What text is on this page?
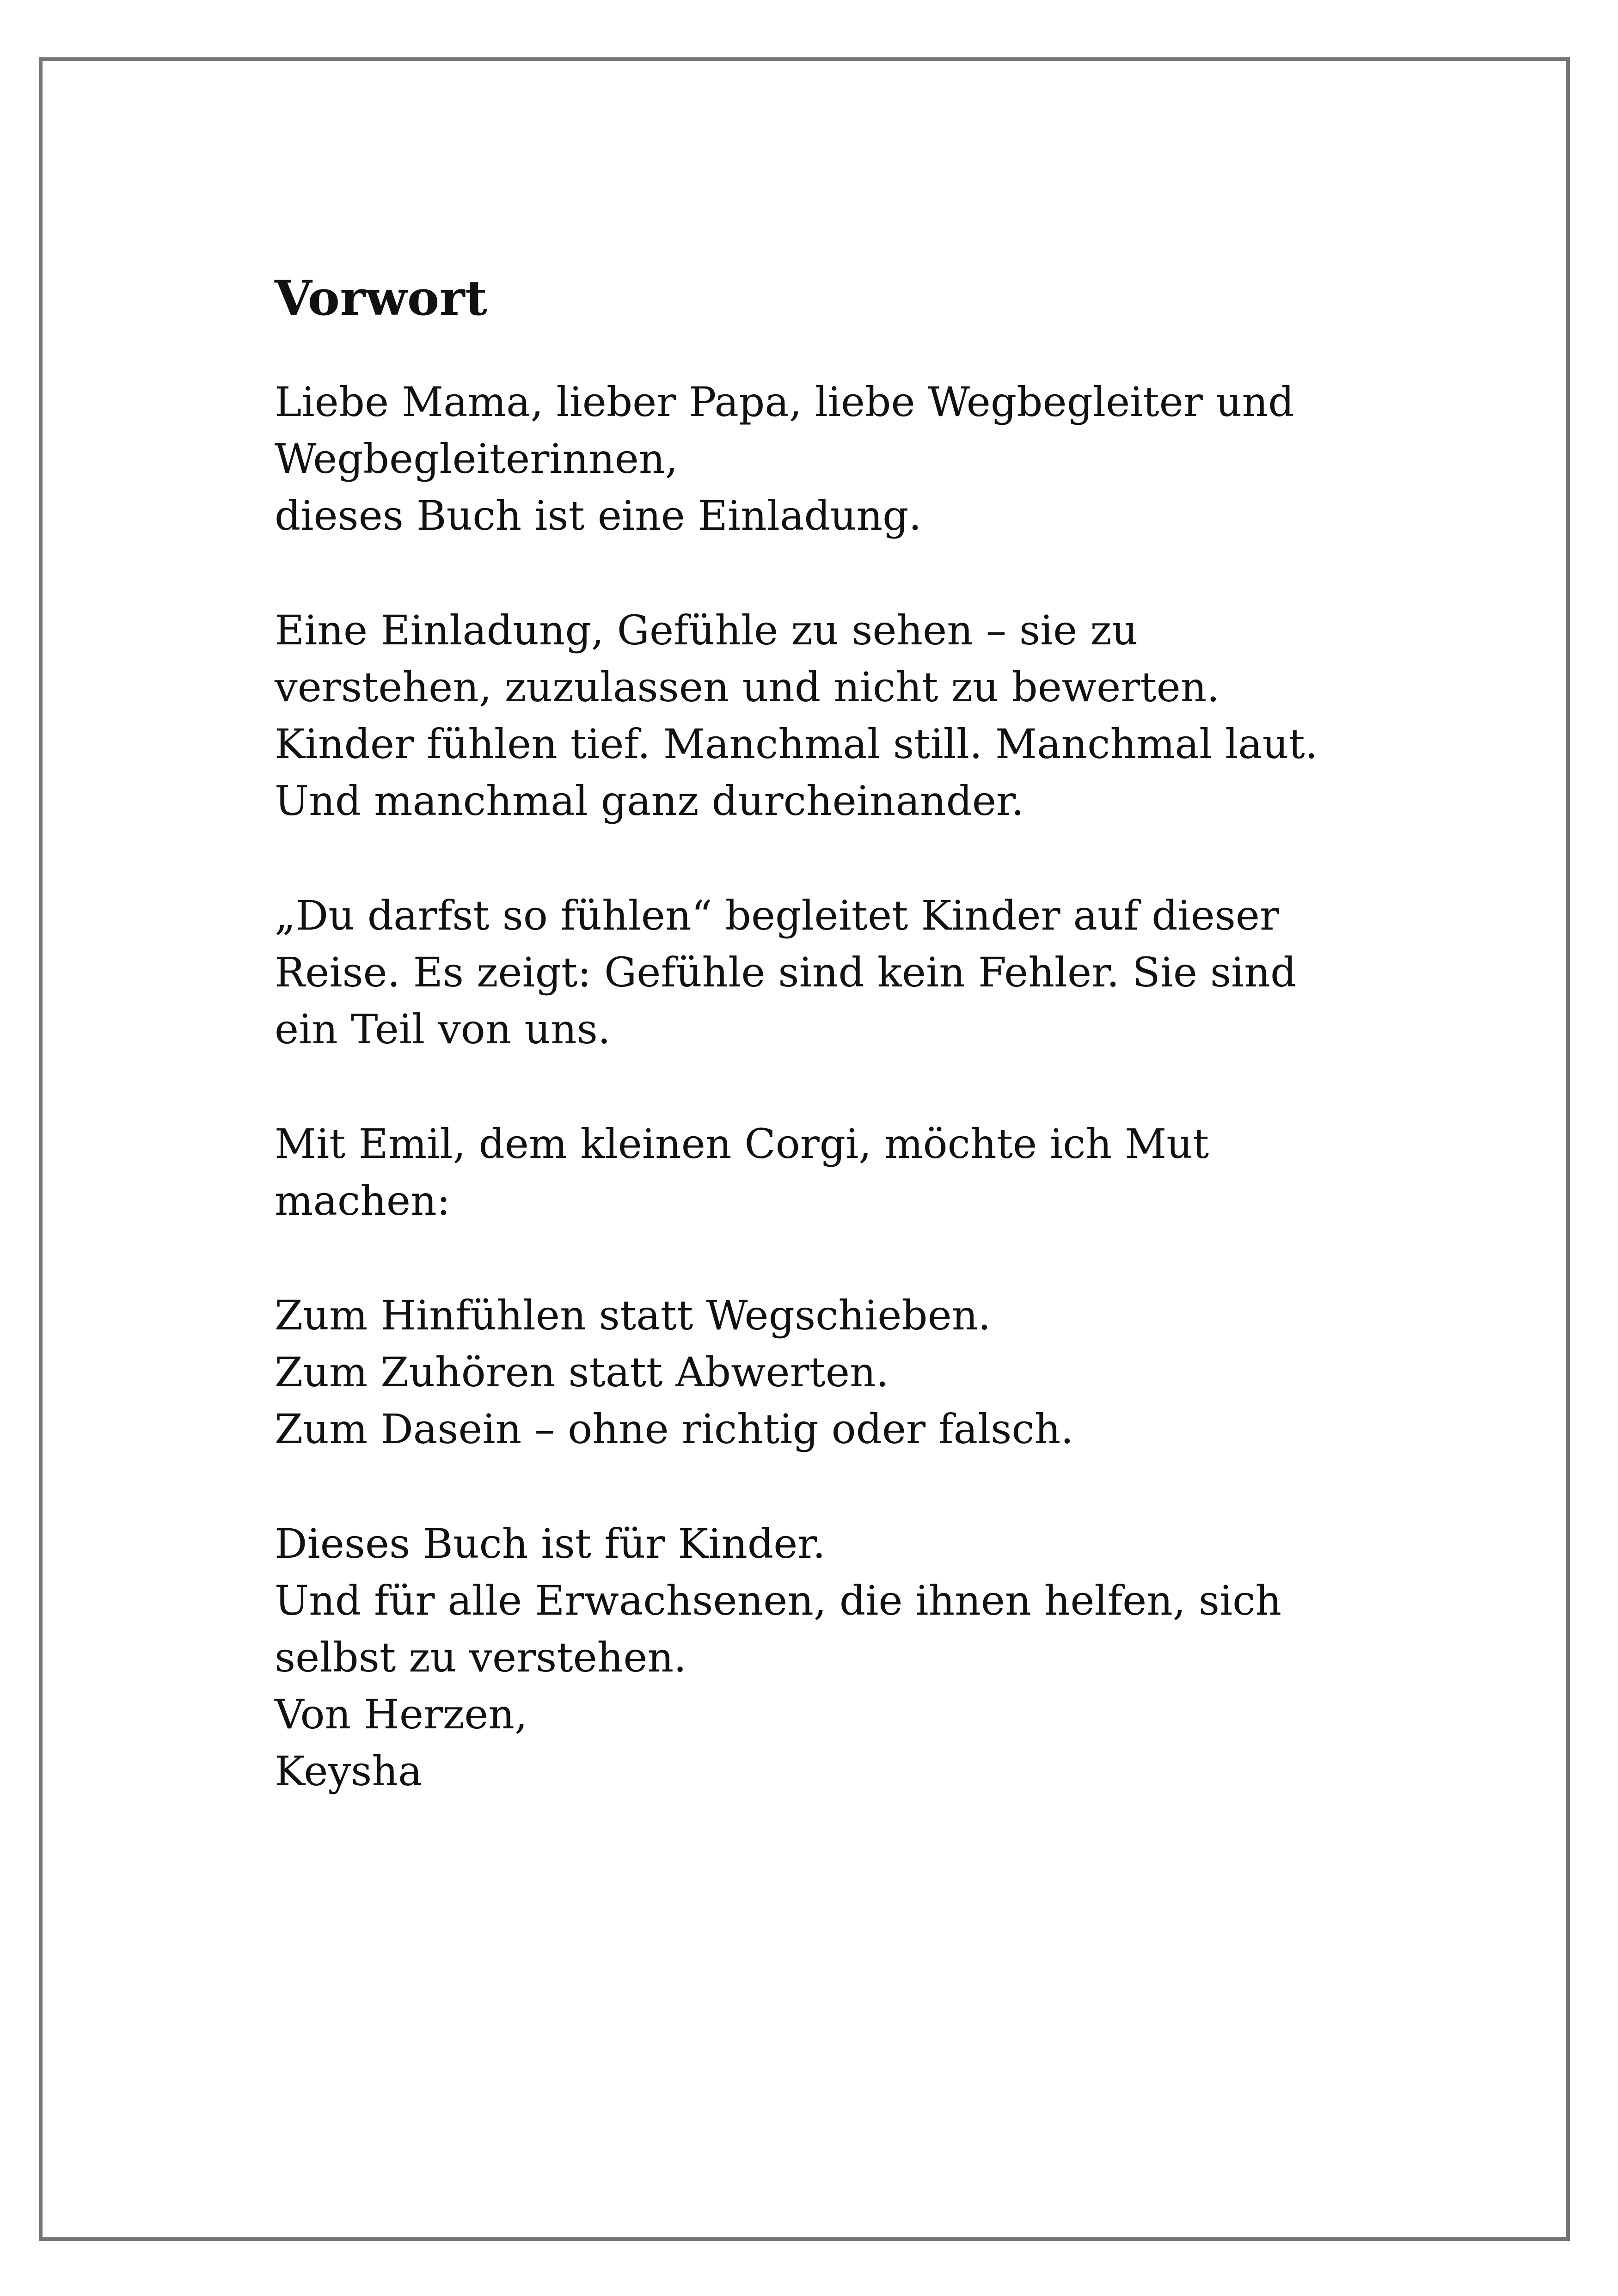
Vorwort

Liebe Mama, lieber Papa, liebe Wegbegleiter und
Wegbegleiterinnen,
dieses Buch ist eine Einladung.

Eine Einladung, Gefühle zu sehen – sie zu
verstehen, zuzulassen und nicht zu bewerten.
Kinder fühlen tief. Manchmal still. Manchmal laut.
Und manchmal ganz durcheinander.

„Du darfst so fühlen“ begleitet Kinder auf dieser
Reise. Es zeigt: Gefühle sind kein Fehler. Sie sind
ein Teil von uns.

Mit Emil, dem kleinen Corgi, möchte ich Mut
machen:

Zum Hinfühlen statt Wegschieben.
Zum Zuhören statt Abwerten.
Zum Dasein – ohne richtig oder falsch.

Dieses Buch ist für Kinder.
Und für alle Erwachsenen, die ihnen helfen, sich
selbst zu verstehen.
Von Herzen,
Keysha
